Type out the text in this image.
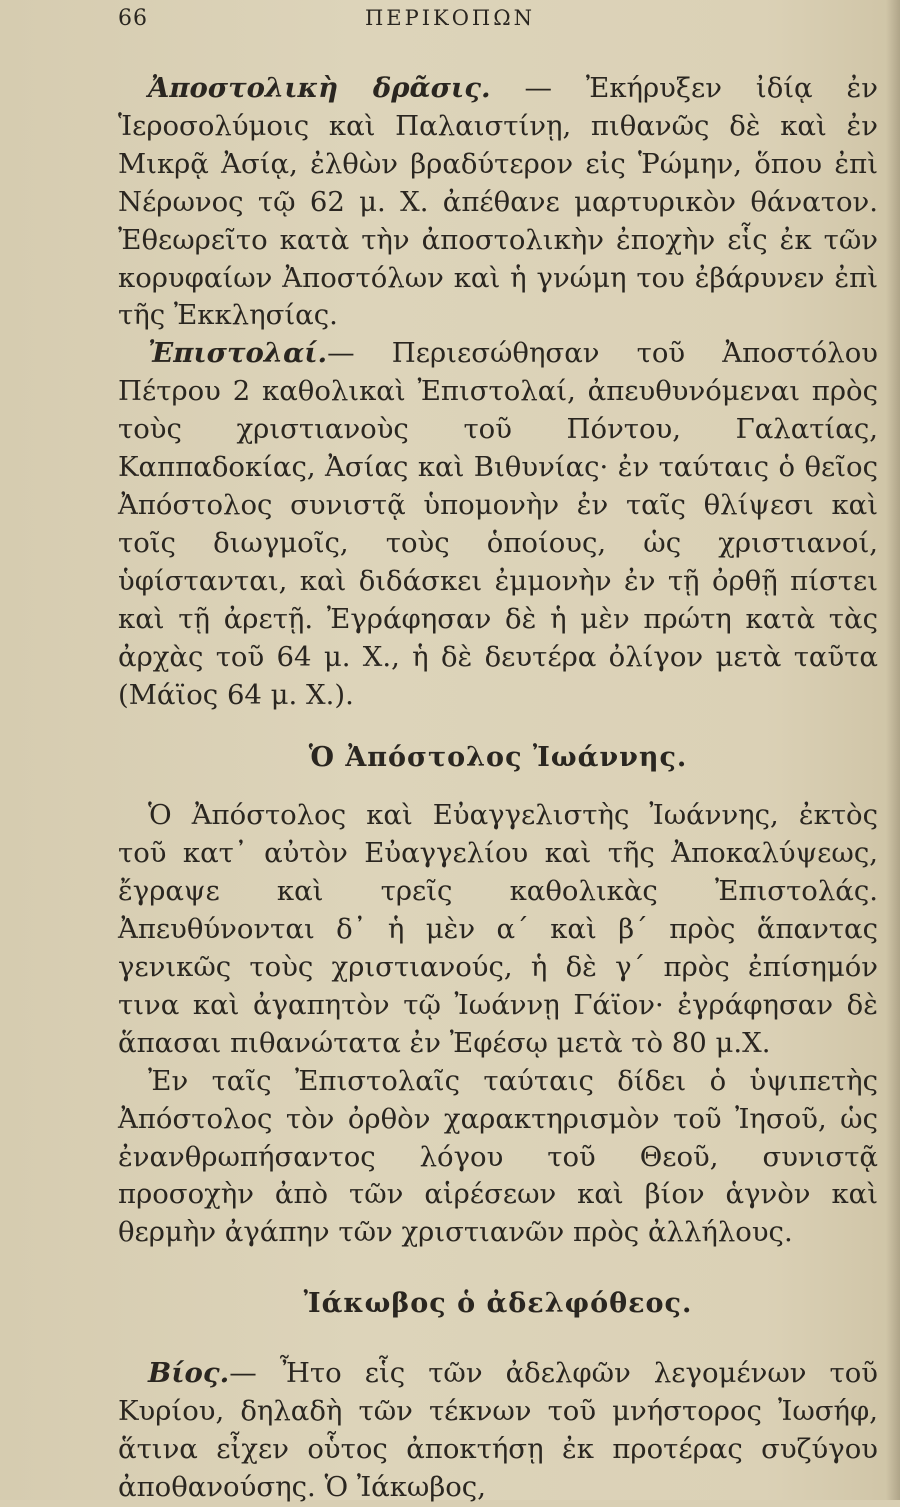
66	ΠΕΡΙΚΟΠΩΝ

Ἀποστολικὴ δρᾶσις. — Ἐκήρυξεν ἰδίᾳ ἐν Ἱεροσολύμοις καὶ Παλαιστίνῃ, πιθανῶς δὲ καὶ ἐν Μικρᾷ Ἀσίᾳ, ἐλθὼν βραδύτερον εἰς Ῥώμην, ὅπου ἐπὶ Νέρωνος τῷ 62 μ. Χ. ἀπέθανε μαρτυρικὸν θάνατον. Ἐθεωρεῖτο κατὰ τὴν ἀποστολικὴν ἐποχὴν εἷς ἐκ τῶν κορυφαίων Ἀποστόλων καὶ ἡ γνώμη του ἐβάρυνεν ἐπὶ τῆς Ἐκκλησίας.

Ἐπιστολαί.— Περιεσώθησαν τοῦ Ἀποστόλου Πέτρου 2 καθολικαὶ Ἐπιστολαί, ἀπευθυνόμεναι πρὸς τοὺς χριστιανοὺς τοῦ Πόντου, Γαλατίας, Καππαδοκίας, Ἀσίας καὶ Βιθυνίας· ἐν ταύταις ὁ θεῖος Ἀπόστολος συνιστᾷ ὑπομονὴν ἐν ταῖς θλίψεσι καὶ τοῖς διωγμοῖς, τοὺς ὁποίους, ὡς χριστιανοί, ὑφίστανται, καὶ διδάσκει ἐμμονὴν ἐν τῇ ὀρθῇ πίστει καὶ τῇ ἀρετῇ. Ἐγράφησαν δὲ ἡ μὲν πρώτη κατὰ τὰς ἀρχὰς τοῦ 64 μ. Χ., ἡ δὲ δευτέρα ὀλίγον μετὰ ταῦτα (Μάϊος 64 μ. Χ.).

Ὁ Ἀπόστολος Ἰωάννης.

Ὁ Ἀπόστολος καὶ Εὐαγγελιστὴς Ἰωάννης, ἐκτὸς τοῦ κατ᾽ αὐτὸν Εὐαγγελίου καὶ τῆς Ἀποκαλύψεως, ἔγραψε καὶ τρεῖς καθολικὰς Ἐπιστολάς. Ἀπευθύνονται δ᾽ ἡ μὲν α΄ καὶ β΄ πρὸς ἅπαντας γενικῶς τοὺς χριστιανούς, ἡ δὲ γ΄ πρὸς ἐπίσημόν τινα καὶ ἀγαπητὸν τῷ Ἰωάννῃ Γάϊον· ἐγράφησαν δὲ ἅπασαι πιθανώτατα ἐν Ἐφέσῳ μετὰ τὸ 80 μ.Χ.

Ἐν ταῖς Ἐπιστολαῖς ταύταις δίδει ὁ ὑψιπετὴς Ἀπόστολος τὸν ὀρθὸν χαρακτηρισμὸν τοῦ Ἰησοῦ, ὡς ἐνανθρωπήσαντος λόγου τοῦ Θεοῦ, συνιστᾷ προσοχὴν ἀπὸ τῶν αἱρέσεων καὶ βίον ἁγνὸν καὶ θερμὴν ἀγάπην τῶν χριστιανῶν πρὸς ἀλλήλους.

Ἰάκωβος ὁ ἀδελφόθεος.

Βίος.— Ἦτο εἷς τῶν ἀδελφῶν λεγομένων τοῦ Κυρίου, δηλαδὴ τῶν τέκνων τοῦ μνήστορος Ἰωσήφ, ἅτινα εἶχεν οὗτος ἀποκτήσῃ ἐκ προτέρας συζύγου ἀποθανούσης. Ὁ Ἰάκωβος,
